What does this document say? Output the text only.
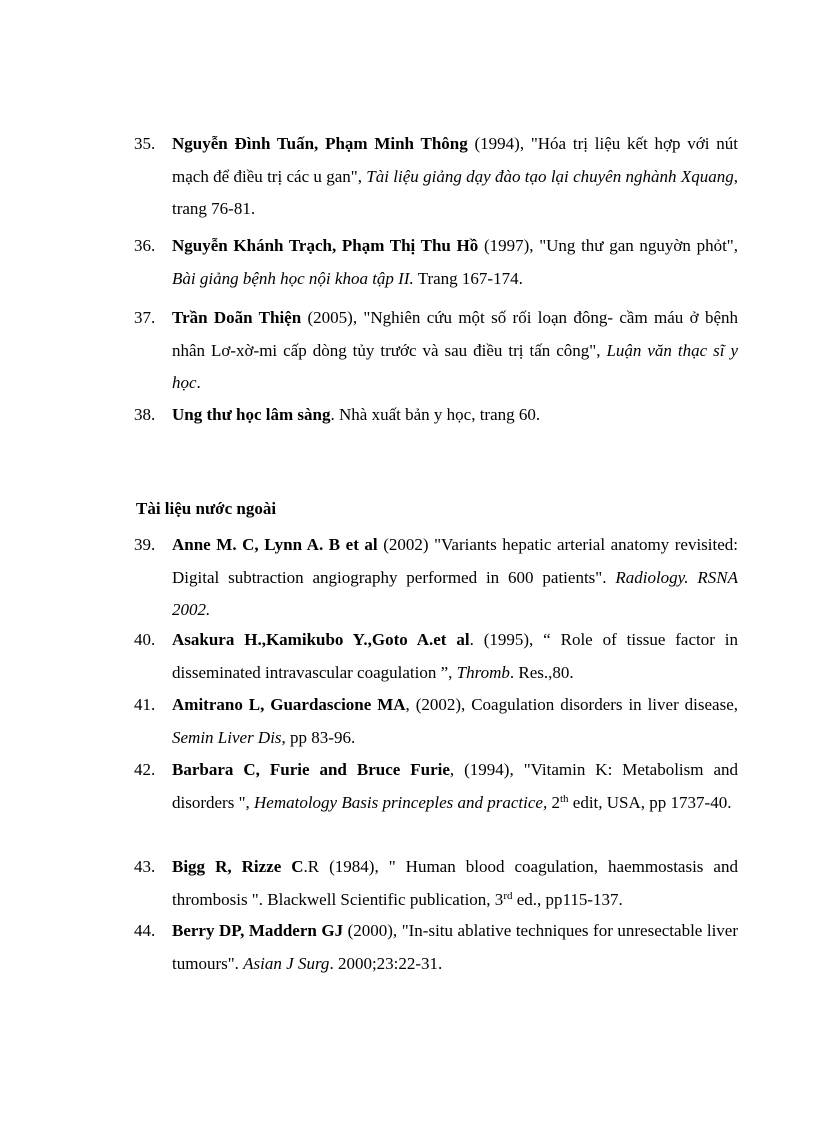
35. Nguyễn Đình Tuấn, Phạm Minh Thông (1994), "Hóa trị liệu kết hợp với nút mạch để điều trị các u gan", Tài liệu giảng dạy đào tạo lại chuyên nghành Xquang, trang 76-81.
36. Nguyễn Khánh Trạch, Phạm Thị Thu Hồ (1997), "Ung thư gan nguyờn phỏt", Bài giảng bệnh học nội khoa tập II. Trang 167-174.
37. Trần Doãn Thiện (2005), "Nghiên cứu một số rối loạn đông- cầm máu ở bệnh nhân Lơ-xờ-mi cấp dòng tủy trước và sau điều trị tấn công", Luận văn thạc sĩ y học.
38. Ung thư học lâm sàng. Nhà xuất bản y học, trang 60.
Tài liệu nước ngoài
39. Anne M. C, Lynn A. B et al (2002) "Variants hepatic arterial anatomy revisited: Digital subtraction angiography performed in 600 patients". Radiology. RSNA 2002.
40. Asakura H.,Kamikubo Y.,Goto A.et al. (1995), “ Role of tissue factor in disseminated intravascular coagulation ”, Thromb. Res.,80.
41. Amitrano L, Guardascione MA, (2002), Coagulation disorders in liver disease, Semin Liver Dis, pp 83-96.
42. Barbara C, Furie and Bruce Furie, (1994), "Vitamin K: Metabolism and disorders ", Hematology Basis princeples and practice, 2th edit, USA, pp 1737-40.
43. Bigg R, Rizze C.R (1984), " Human blood coagulation, haemmostasis and thrombosis ". Blackwell Scientific publication, 3rd ed., pp115-137.
44. Berry DP, Maddern GJ (2000), "In-situ ablative techniques for unresectable liver tumours". Asian J Surg. 2000;23:22-31.
